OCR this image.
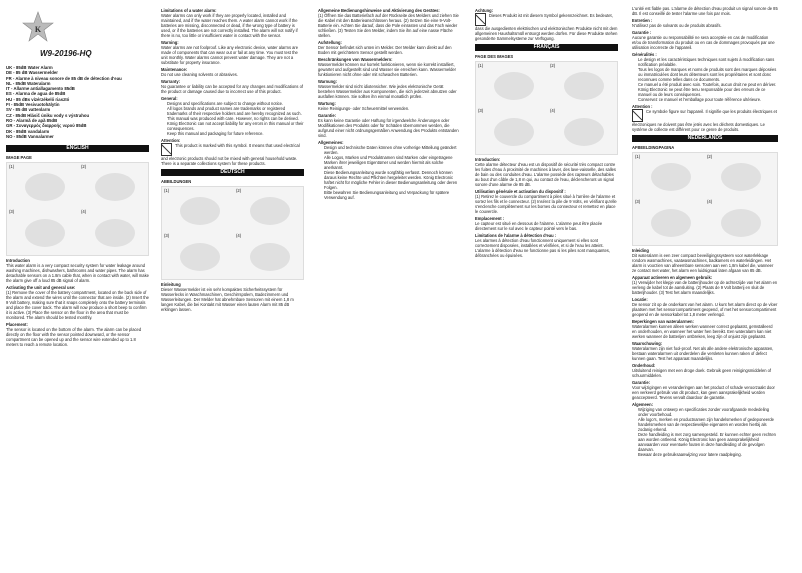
K
W9-20196-HQ
UK - 85dB Water Alarm
DE - 85 dB Wassermelder
FR - Alarme à niveau sonore de 85 dB de détection d'eau
NL - 85dB Wateralarm
IT - Allarme antiallagamento 85dB
ES - Alarma de agua de 85dB
HU - 85 dBs vízérzékelő riasztó
FI - 85dB Vesivuotohälytin
SV - 85 dB vattenlarm
CZ - 85dB Hlásič úniku vody s výstrahou
RO - Alarmă de apă 85dB
GR - Συναγερμός διαρροής νερού 85dB
DK - 85dB vandalarm
NO - 85dB Vannalarmer
ENGLISH
IMAGE PAGE
(1)	(2)
(3)	(4)
Introduction

This water alarm is a very compact security system for water leakage around washing machines, dishwashers, bathrooms and water pipes. The alarm has detachable sensors on a 1.8m cable that, when in contact with water, will make the alarm give off a loud 85 dB signal of alarm.

Activating the unit and general use:

(1) Remove the cover of the battery compartment, located on the back side of the alarm and extend the wires until the connector that are inside. (2) Insert the 9 Volt battery, making sure that it snaps completely onto the battery terminals and place the cover back. The alarm will now produce a short beep to confirm it is active. (3) Place the sensor on the floor in the area that must be monitored. The alarm should be tested monthly.

Placement:

The sensor is located on the bottom of the alarm. The alarm can be placed directly on the floor with the sensor pointed downward, or the sensor compartment can be opened up and the sensor wire extended up to 1.8 meters to reach a remote location.

Limitations of a water alarm:

Water alarms can only work if they are properly located, installed and maintained, and if the water reaches them. A water alarm cannot work if the batteries are missing, disconnected or dead, if the wrong type of battery is used, or if the batteries are not correctly installed. The alarm will not notify if there is no, too little or insufficient water in contact with the sensor.

Warning:

Water alarms are not foolproof. Like any electronic device, water alarms are made of components that can wear out or fail at any time. You must test the unit monthly. Water alarms cannot prevent water damage. They are not a substitute for property insurance.

Maintenance:

Do not use cleaning solvents or abrasives.

Warranty:

No guarantee or liability can be accepted for any changes and modifications of the product or damage caused due to incorrect use of this product.

General:
• Designs and specifications are subject to change without notice.
• All logos brands and product names are trademarks or registered trademarks of their respective holders and are hereby recognized as such.
• This manual was produced with care. However, no rights can be derived. König Electronic can not accept liability for any errors in this manual or their consequences.
• Keep this manual and packaging for future reference.
Attention:

This product is marked with this symbol. It means that used electrical and electronic products should not be mixed with general household waste. There is a separate collections system for these products.

DEUTSCH
ABBILDUNGEN
(1)	(2)
(3)	(4)
Einleitung

Dieser Wassermelder ist ein sehr kompaktes Sicherheitssystem für Wasserlecks in Waschmaschinen, Geschirrspülern, Badezimmern und Wasserleitungen. Der Melder hat abnehmbare Sensoren mit einem 1,8 m langen Kabel, die bei Kontakt mit Wasser einen lauten Alarm mit 85 dB erklingen lassen.

Allgemeine Bedienungshinweise und Aktivierung des Gerätes:

(1) Öffnen Sie das Batteriefach auf der Rückseite des Melders und ziehen Sie die Kabel mit den Batterieanschlüssen heraus. (2) Setzen Sie eine 9-Volt-Batterie ein. Achten Sie darauf, dass die Pole einrasten und das Fach wieder schließen. (3) Testen Sie den Melder, indem Sie ihn auf eine nasse Fläche stellen.

Aufstellung:

Der Sensor befindet sich unten im Melder. Der Melder kann direkt auf den Boden mit gerichtetem Sensor gestellt werden.

Beschränkungen von Wassermeldern:

Wassermelder können nur korrekt funktionieren, wenn sie korrekt installiert, gewartet und aufgestellt sind und Wasser sie erreichen kann. Wassermelder funktionieren nicht ohne oder mit schwachen Batterien.

Warnung:

Wassermelder sind nicht idiotensicher. Wie jedes elektronische Gerät bestehen Wassermelder aus Komponenten, die sich jederzeit abnutzen oder ausfallen können. Sie sollten ihn einmal monatlich prüfen.

Wartung:

Keine Reinigungs- oder Scheuermittel verwenden.

Garantie:

Es kann keine Garantie oder Haftung für irgendwelche Änderungen oder Modifikationen des Produkts oder für Schäden übernommen werden, die aufgrund einer nicht ordnungsgemäßen Anwendung des Produkts entstanden sind.

Allgemeines:
• Design und technische Daten können ohne vorherige Mitteilung geändert werden.
• Alle Logos, Marken und Produktnamen sind Marken oder eingetragene Marken ihrer jeweiligen Eigentümer und werden hiermit als solche anerkannt.
• Diese Bedienungsanleitung wurde sorgfältig verfasst. Dennoch können daraus keine Rechte und Pflichten hergeleitet werden. König Electronic haftet nicht für mögliche Fehler in dieser Bedienungsanleitung oder deren Folgen.
• Bitte bewahren Sie Bedienungsanleitung und Verpackung für spätere Verwendung auf.
Achtung:

Dieses Produkt ist mit diesem Symbol gekennzeichnet. Es bedeutet, dass die ausgedienten elektrischen und elektronischen Produkte nicht mit dem allgemeinen Haushaltsmüll entsorgt werden dürfen. Für diese Produkte stehen gesonderte Sammelsysteme zur Verfügung.

FRANÇAIS
PAGE DES IMAGES
(1)	(2)
(3)	(4)
Introduction:

Cette alarme détecteur d'eau est un dispositif de sécurité très compact contre les fuites d'eau à proximité de machines à laver, des lave-vaisselle, des salles de bain ou des conduites d'eau. L'alarme possède des capteurs détachables au bout d'un câble de 1,8 m qui, au contact de l'eau, déclencheront un signal sonore d'une alarme de 85 dB.

Utilisation générale et activation du dispositif :

(1) Retirez le couvercle du compartiment à piles situé à l'arrière de l'alarme et sortez les fils et le connecteur. (2) Insérez la pile de 9 Volts, en vérifiant qu'elle s'enclenche complètement sur les bornes du connecteur et remettez en place le couvercle.

Emplacement :

Le capteur est situé en dessous de l'alarme. L'alarme peut être placée directement sur le sol avec le capteur pointé vers le bas.

Limitations de l'alarme à détection d'eau :

Les alarmes à détection d'eau fonctionnent uniquement si elles sont correctement disposées, installées et vérifiées, et si de l'eau les atteint. L'alarme à détection d'eau ne fonctionne pas si les piles sont manquantes, débranchées ou épuisées.

L'unité est fiable pas. L'alarme de détection d'eau produit un signal sonore de 85 dB. Il est conseillé de tester l'alarme une fois par mois.

Entretien :

N'utilisez pas de solvants ou de produits abrasifs.

Garantie :

Aucune garantie ou responsabilité ne sera acceptée en cas de modification et/ou de transformation du produit ou en cas de dommages provoqués par une utilisation incorrecte de l'appareil.

Généralités :
• Le design et les caractéristiques techniques sont sujets à modification sans notification préalable.
• Tous les logos de marques et noms de produits sont des marques déposées ou immatriculées dont leurs détenteurs sont les propriétaires et sont donc reconnues comme telles dans ce documents.
• Ce manuel a été produit avec soin. Toutefois, aucun droit ne peut en dériver. König Electronic ne peut être tenu responsable pour des erreurs de ce manuel ou de leurs conséquences.
• Conservez ce manuel et l'emballage pour toute référence ultérieure.
Attention :

Ce symbole figure sur l'appareil. Il signifie que les produits électriques et électroniques ne doivent pas être jetés avec les déchets domestiques. Le système de collecte est différent pour ce genre de produits.

NEDERLANDS
AFBEELDINGPAGINA
(1)	(2)
(3)	(4)
Inleiding

Dit wateralarm is een zeer compact beveiligingssysteem voor waterlekkage rondom wasmachines, vaatwasmachines, badkamers en waterleidingen. Het alarm is voorzien van afneembare sensoren aan een 1,8m kabel die, wanneer ze contact met water, het alarm een luidsignaal laten afgaan van 85 dB.

Apparaat activeren en algemeen gebruik:

(1) Verwijder het klepje van de batterijhouder op de achterzijde van het alarm en verleng de kabel tot de aansluiting. (2) Plaats de 9 Volt batterij en sluit de batterijhouder. (3) Test het alarm maandelijks.

Locatie:

De sensor zit op de onderkant van het alarm. U kunt het alarm direct op de vloer plaatsen met het sensorcompartiment geopend, of met het sensorcompartiment geopend en de sensorkabel tot 1,8 meter verlengd.

Beperkingen van wateralarmen:

Wateralarmen kunnen alleen werken wanneer correct geplaatst, geïnstalleerd en onderhouden, en wanneer het water hen bereikt. Een wateralarm kan niet werken wanneer de batterijen ontbreken, leeg zijn of onjuist zijn geplaatst.

Waarschuwing:

Wateralarmen zijn niet fool-proof. Net als alle andere elektronische apparaten, bestaan wateralarmen uit onderdelen die versleten kunnen raken of defect kunnen gaan. Test het apparaat maandelijks.

Onderhoud:

Uitsluitend reinigen met een droge doek. Gebruik geen reinigingsmiddelen of schuurmiddelen.

Garantie:

Voor wijzigingen en veranderingen aan het product of schade veroorzaakt door een verkeerd gebruik van dit product, kan geen aansprakelijkheid worden geaccepteerd. Tevens vervalt daardoor de garantie.

Algemeen:
• Wijziging van ontwerp en specificaties zonder voorafgaande mededeling onder voorbehoud.
• Alle logo's, merken en productnamen zijn handelsmerken of gedeponeerde handelsmerken van de respectievelijke eigenaren en worden hierbij als zodanig erkend.
• Deze handleiding is met zorg samengesteld. Er kunnen echter geen rechten aan worden ontleend. König Electronic kan geen aansprakelijkheid aanvaarden voor eventuele fouten in deze handleiding of de gevolgen daarvan.
• Bewaar deze gebruiksaanwijzing voor latere raadpleging.
